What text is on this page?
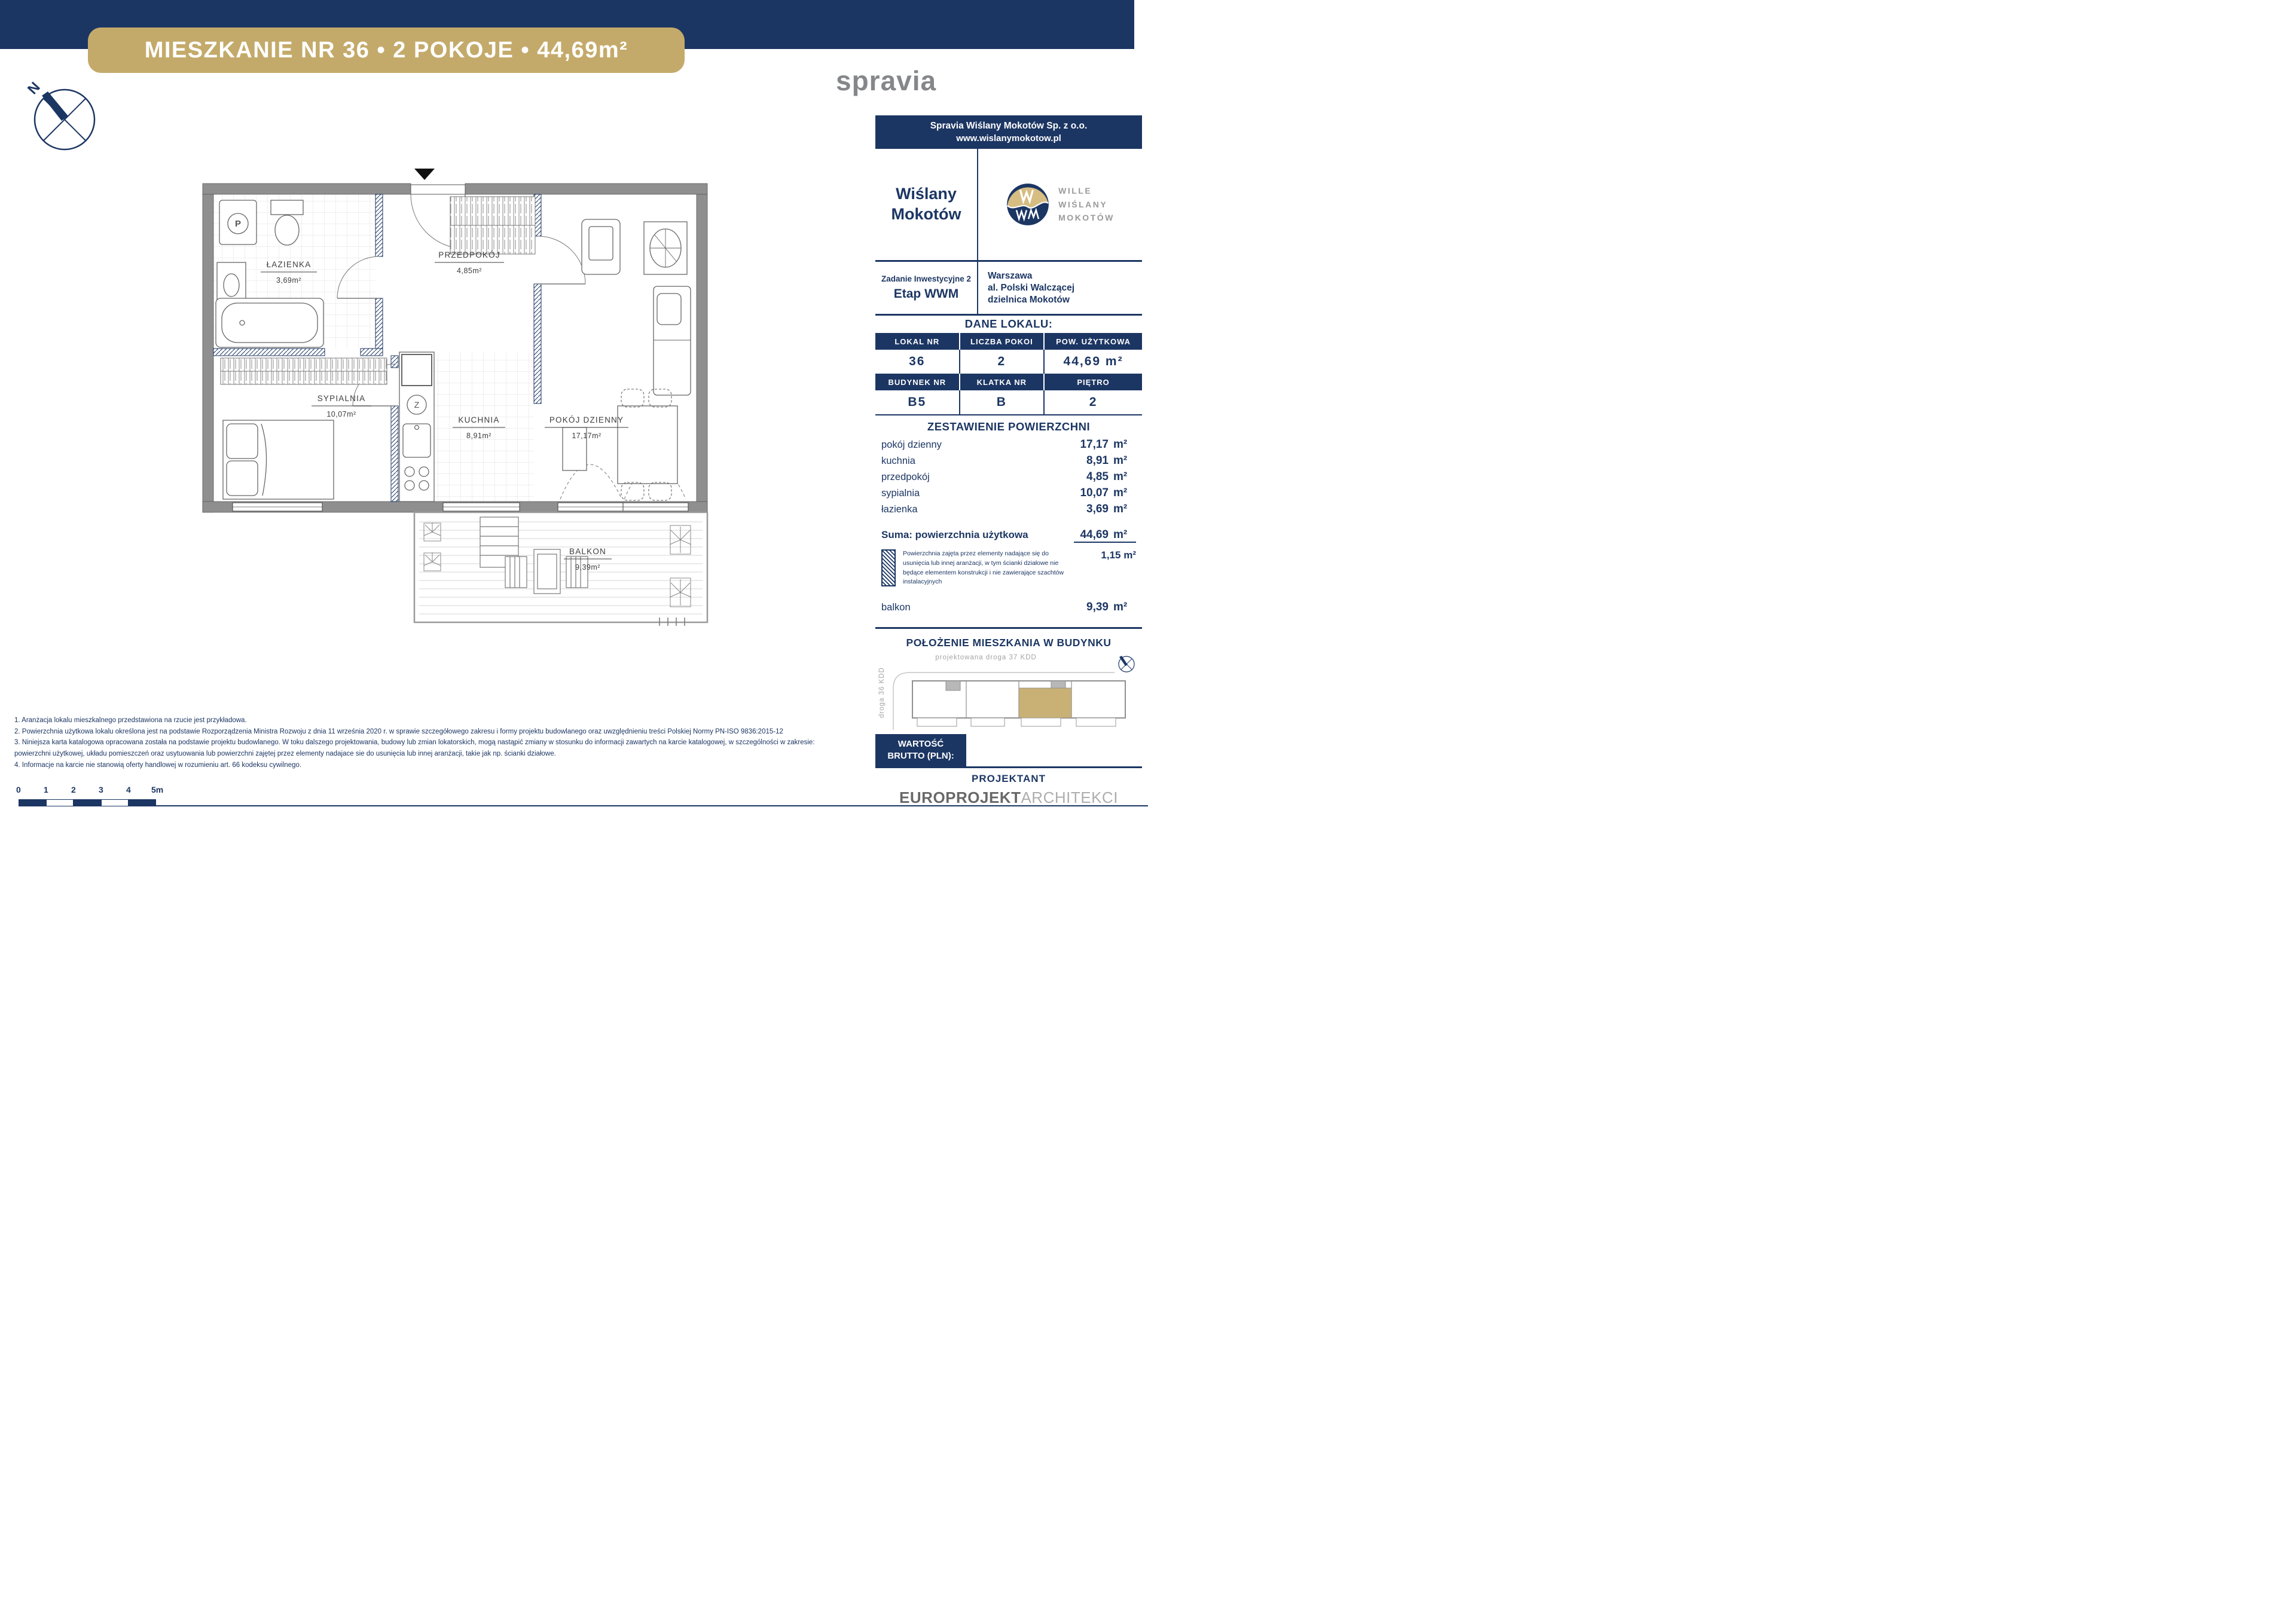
MIESZKANIE NR 36 • 2 POKOJE • 44,69m²
N	spravia
P
Z
ŁAZIENKA
3,69m²
PRZEDPOKÓJ
4,85m²
SYPIALNIA
10,07m²
KUCHNIA
8,91m²
POKÓJ DZIENNY
17,17m²
BALKON
9,39m²
Spravia Wiślany Mokotów Sp. z o.o.
www.wislanymokotow.pl
Wiślany
Mokotów
WILLE
WIŚLANY
MOKOTÓW
Zadanie Inwestycyjne 2
Etap WWM
Warszawa
al. Polski Walczącej
dzielnica Mokotów
DANE LOKALU:
LOKAL NR	LICZBA POKOI	POW. UŻYTKOWA
36	2	44,69 m²
BUDYNEK NR	KLATKA NR	PIĘTRO
B5	B	2
ZESTAWIENIE POWIERZCHNI
pokój dzienny	17,17 m²
kuchnia	8,91 m²
przedpokój	4,85 m²
sypialnia	10,07 m²
łazienka	3,69 m²
Suma: powierzchnia użytkowa	44,69 m²
Powierzchnia zajęta przez elementy nadające się do usunięcia lub innej aranżacji, w tym ścianki działowe nie będące elementem konstrukcji i nie zawierające szachtów instalacyjnych
1,15 m²
balkon	9,39 m²
POŁOŻENIE MIESZKANIA W BUDYNKU
projektowana droga 37 KDD
droga 36 KDD
WARTOŚĆ
BRUTTO (PLN):
PROJEKTANT
EUROPROJEKTARCHITEKCI
1. Aranżacja lokalu mieszkalnego przedstawiona na rzucie jest przykładowa.
2. Powierzchnia użytkowa lokalu określona jest na podstawie Rozporządzenia Ministra Rozwoju z dnia 11 września 2020 r. w sprawie szczegółowego zakresu i formy projektu budowlanego oraz uwzględnieniu treści Polskiej Normy PN-ISO 9836:2015-12
3. Niniejsza karta katalogowa opracowana została na podstawie projektu budowlanego. W toku dalszego projektowania, budowy lub zmian lokatorskich, mogą nastąpić zmiany w stosunku do informacji zawartych na karcie katalogowej, w szczególności w zakresie: powierzchni użytkowej, układu pomieszczeń oraz usytuowania lub powierzchni zajętej przez elementy nadajace sie do usunięcia lub innej aranżacji, takie jak np. ścianki działowe.
4. Informacje na karcie nie stanowią oferty handlowej w rozumieniu art. 66 kodeksu cywilnego.
0	1	2	3	4 5m
